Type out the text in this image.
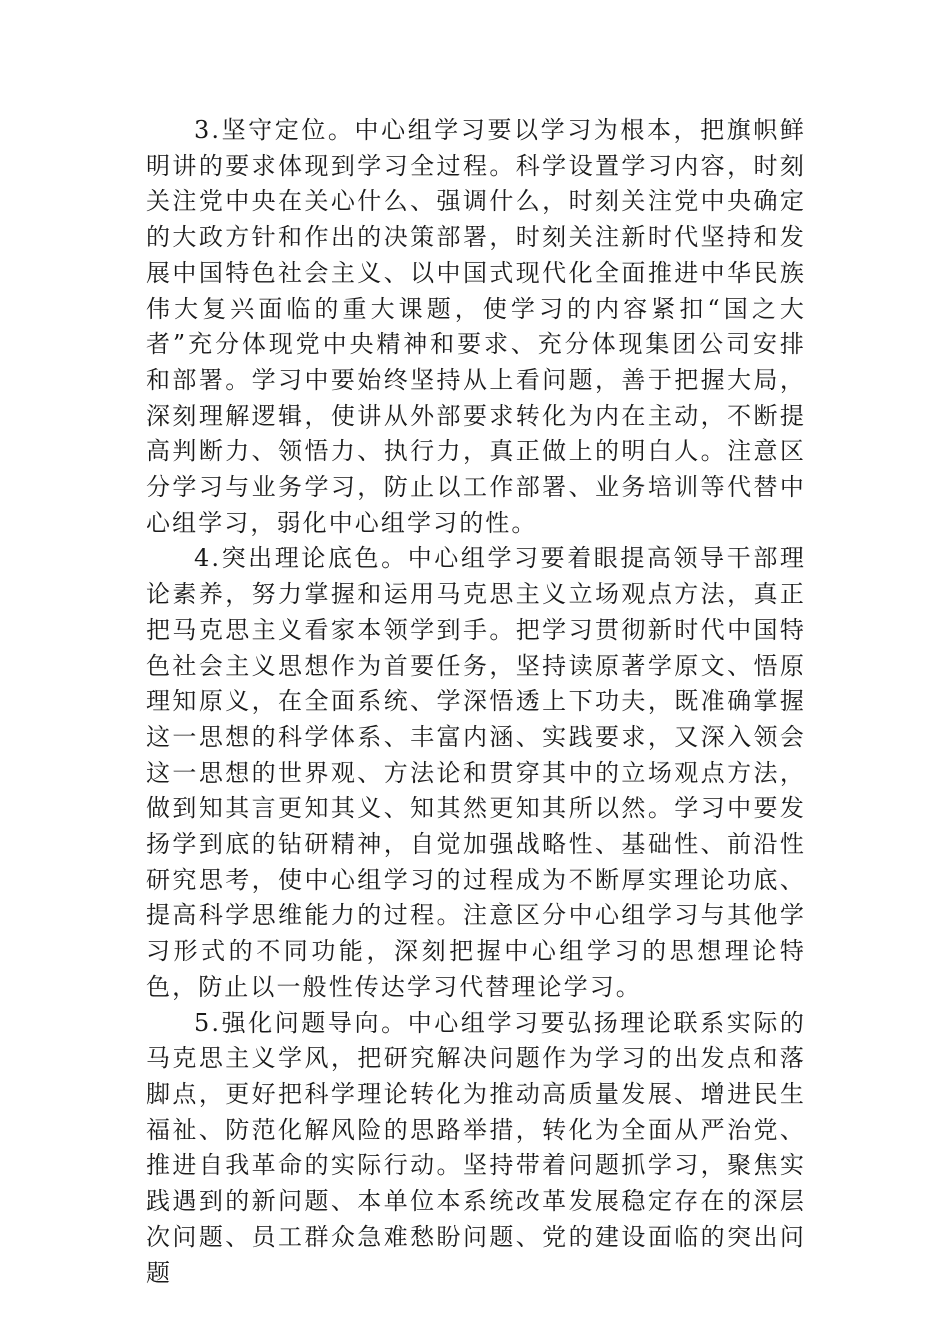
3.坚守定位。中心组学习要以学习为根本，把旗帜鲜明讲的要求体现到学习全过程。科学设置学习内容，时刻关注党中央在关心什么、强调什么，时刻关注党中央确定的大政方针和作出的决策部署，时刻关注新时代坚持和发展中国特色社会主义、以中国式现代化全面推进中华民族伟大复兴面临的重大课题，使学习的内容紧扣“国之大者”充分体现党中央精神和要求、充分体现集团公司安排和部署。学习中要始终坚持从上看问题，善于把握大局，深刻理解逻辑，使讲从外部要求转化为内在主动，不断提高判断力、领悟力、执行力，真正做上的明白人。注意区分学习与业务学习，防止以工作部署、业务培训等代替中心组学习，弱化中心组学习的性。

4.突出理论底色。中心组学习要着眼提高领导干部理论素养，努力掌握和运用马克思主义立场观点方法，真正把马克思主义看家本领学到手。把学习贯彻新时代中国特色社会主义思想作为首要任务，坚持读原著学原文、悟原理知原义，在全面系统、学深悟透上下功夫，既准确掌握这一思想的科学体系、丰富内涵、实践要求，又深入领会这一思想的世界观、方法论和贯穿其中的立场观点方法，做到知其言更知其义、知其然更知其所以然。学习中要发扬学到底的钻研精神，自觉加强战略性、基础性、前沿性研究思考，使中心组学习的过程成为不断厚实理论功底、提高科学思维能力的过程。注意区分中心组学习与其他学习形式的不同功能，深刻把握中心组学习的思想理论特色，防止以一般性传达学习代替理论学习。

5.强化问题导向。中心组学习要弘扬理论联系实际的马克思主义学风，把研究解决问题作为学习的出发点和落脚点，更好把科学理论转化为推动高质量发展、增进民生福祉、防范化解风险的思路举措，转化为全面从严治党、推进自我革命的实际行动。坚持带着问题抓学习，聚焦实践遇到的新问题、本单位本系统改革发展稳定存在的深层次问题、员工群众急难愁盼问题、党的建设面临的突出问题
